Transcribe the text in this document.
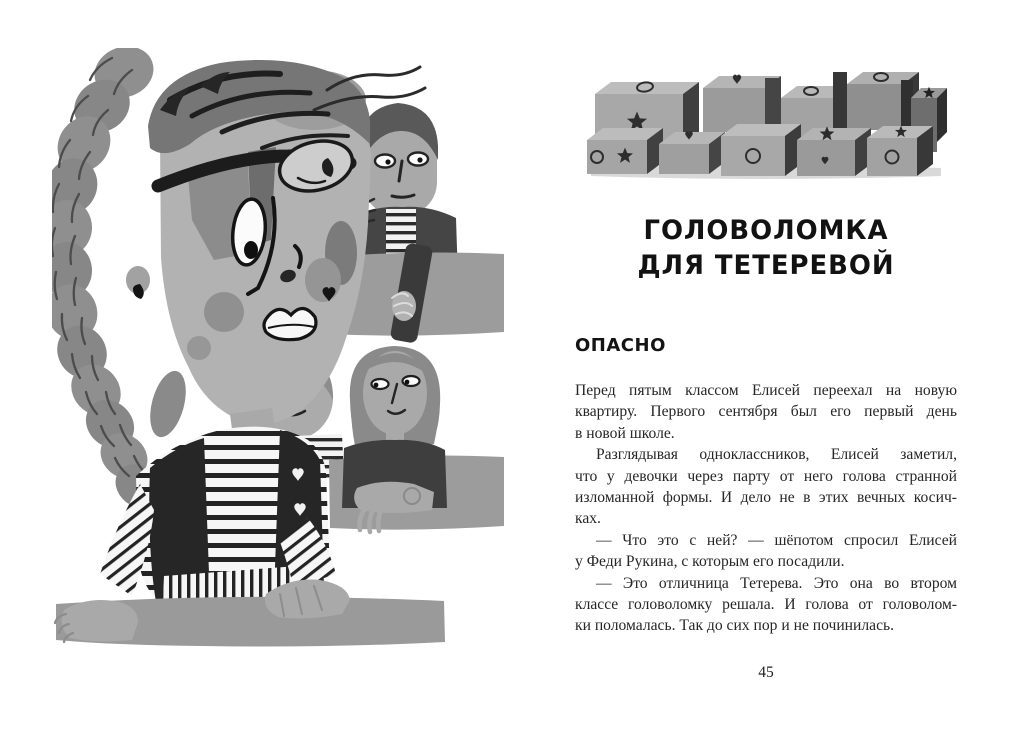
ГОЛОВОЛОМКА
ДЛЯ ТЕТЕРЕВОЙ
ОПАСНО
Перед пятым классом Елисей переехал на новую
квартиру. Первого сентября был его первый день
в новой школе.
Разглядывая одноклассников, Елисей заметил,
что у девочки через парту от него голова странной
изломанной формы. И дело не в этих вечных косич-
ках.
— Что это с ней? — шёпотом спросил Елисей
у Феди Рукина, с которым его посадили.
— Это отличница Тетерева. Это она во втором
классе головоломку решала. И голова от головолом-
ки поломалась. Так до сих пор и не починилась.
45
